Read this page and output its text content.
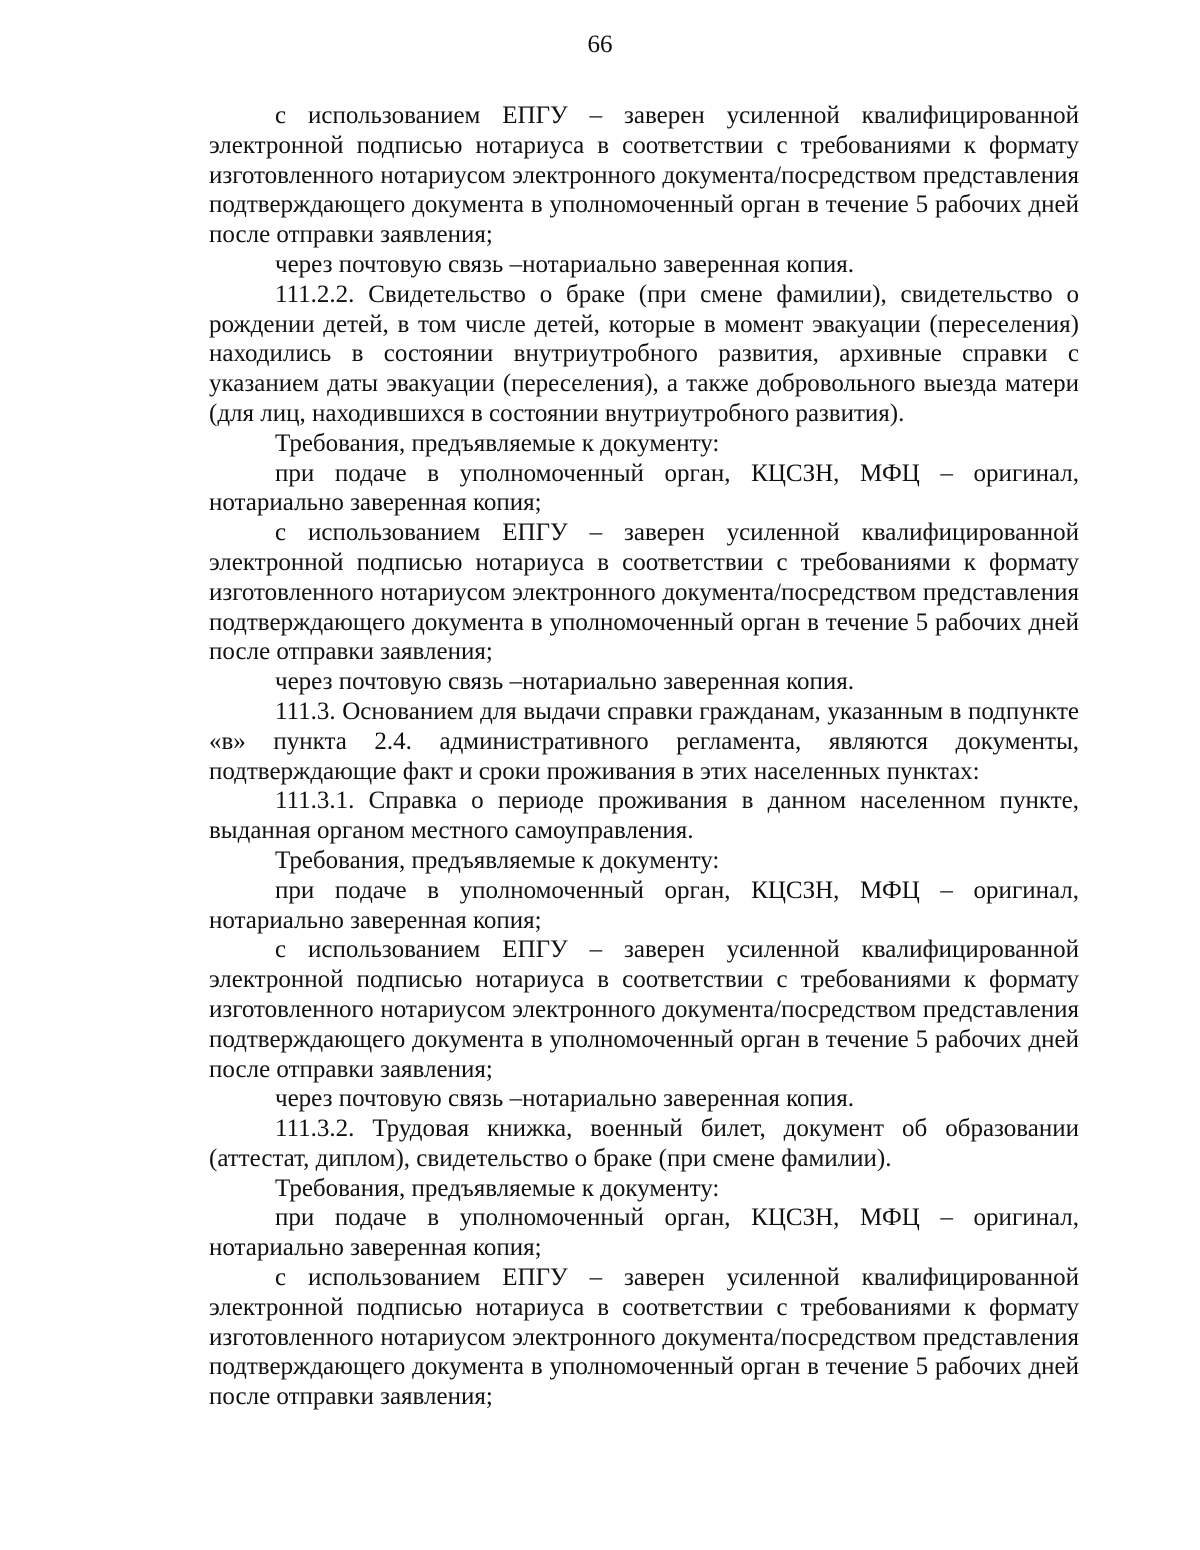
66

с использованием ЕПГУ – заверен усиленной квалифицированной электронной подписью нотариуса в соответствии с требованиями к формату изготовленного нотариусом электронного документа/посредством представления подтверждающего документа в уполномоченный орган в течение 5 рабочих дней после отправки заявления;

через почтовую связь –нотариально заверенная копия.

111.2.2. Свидетельство о браке (при смене фамилии), свидетельство о рождении детей, в том числе детей, которые в момент эвакуации (переселения) находились в состоянии внутриутробного развития, архивные справки с указанием даты эвакуации (переселения), а также добровольного выезда матери (для лиц, находившихся в состоянии внутриутробного развития).

Требования, предъявляемые к документу:

при подаче в уполномоченный орган, КЦСЗН, МФЦ – оригинал, нотариально заверенная копия;

с использованием ЕПГУ – заверен усиленной квалифицированной электронной подписью нотариуса в соответствии с требованиями к формату изготовленного нотариусом электронного документа/посредством представления подтверждающего документа в уполномоченный орган в течение 5 рабочих дней после отправки заявления;

через почтовую связь –нотариально заверенная копия.

111.3. Основанием для выдачи справки гражданам, указанным в подпункте «в» пункта 2.4. административного регламента, являются документы, подтверждающие факт и сроки проживания в этих населенных пунктах:

111.3.1. Справка о периоде проживания в данном населенном пункте, выданная органом местного самоуправления.

Требования, предъявляемые к документу:

при подаче в уполномоченный орган, КЦСЗН, МФЦ – оригинал, нотариально заверенная копия;

с использованием ЕПГУ – заверен усиленной квалифицированной электронной подписью нотариуса в соответствии с требованиями к формату изготовленного нотариусом электронного документа/посредством представления подтверждающего документа в уполномоченный орган в течение 5 рабочих дней после отправки заявления;

через почтовую связь –нотариально заверенная копия.

111.3.2. Трудовая книжка, военный билет, документ об образовании (аттестат, диплом), свидетельство о браке (при смене фамилии).

Требования, предъявляемые к документу:

при подаче в уполномоченный орган, КЦСЗН, МФЦ – оригинал, нотариально заверенная копия;

с использованием ЕПГУ – заверен усиленной квалифицированной электронной подписью нотариуса в соответствии с требованиями к формату изготовленного нотариусом электронного документа/посредством представления подтверждающего документа в уполномоченный орган в течение 5 рабочих дней после отправки заявления;
